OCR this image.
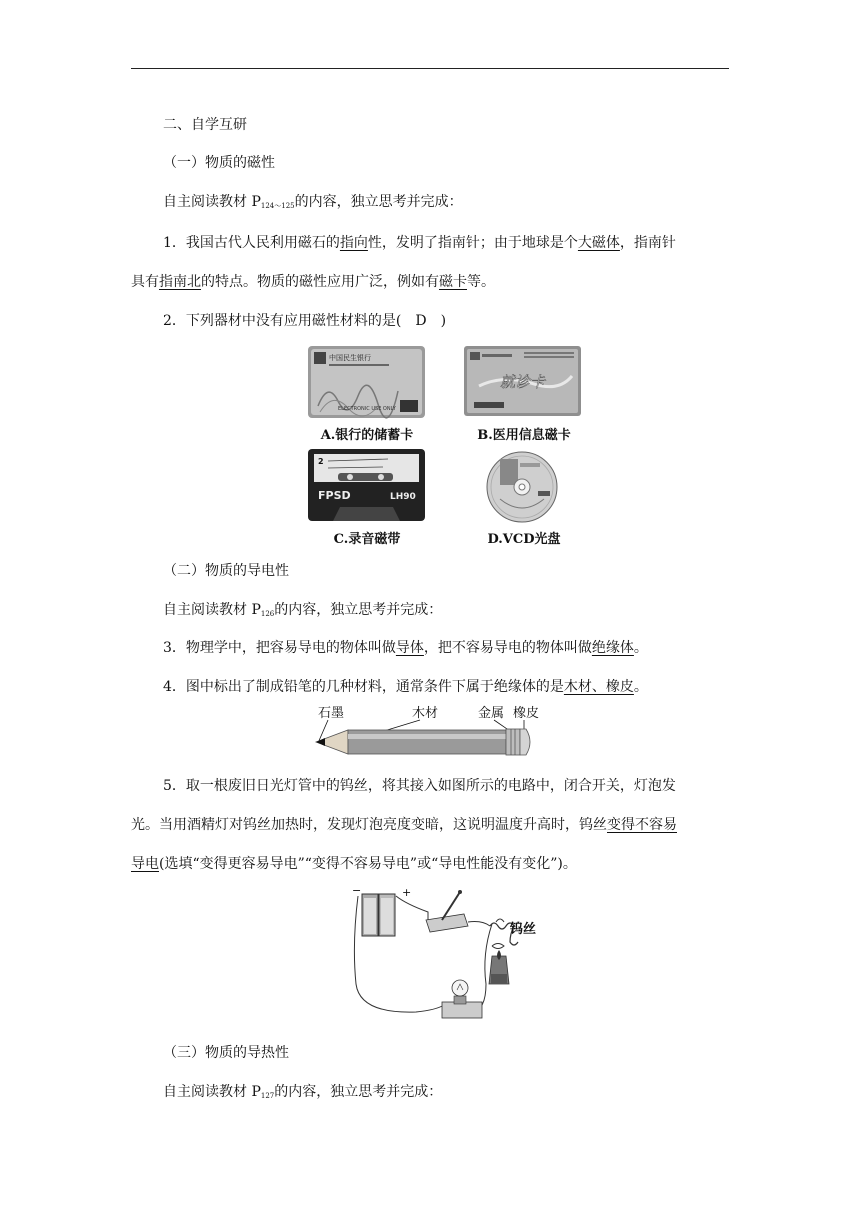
二、自学互研
（一）物质的磁性
自主阅读教材 $P_{124\sim 125}$的内容，独立思考并完成：
1．我国古代人民利用磁石的指向性，发明了指南针；由于地球是个大磁体，指南针
具有指南北的特点。物质的磁性应用广泛，例如有磁卡等。
2．下列器材中没有应用磁性材料的是(　D　)
中国民生银行
ELECTRONIC USE ONLY
A.银行的储蓄卡
就诊卡
B.医用信息磁卡
2
FPSD	LH90
C.录音磁带	D.VCD光盘
（二）物质的导电性
自主阅读教材 $P_{126}$的内容，独立思考并完成：
3．物理学中，把容易导电的物体叫做导体，把不容易导电的物体叫做绝缘体。
4．图中标出了制成铅笔的几种材料，通常条件下属于绝缘体的是木材、橡皮。
石墨	木材	金属 橡皮
5．取一根废旧日光灯管中的钨丝，将其接入如图所示的电路中，闭合开关，灯泡发
光。当用酒精灯对钨丝加热时，发现灯泡亮度变暗，这说明温度升高时，钨丝变得不容易
导电(选填“变得更容易导电”“变得不容易导电”或“导电性能没有变化”)。
−	+
钨丝
（三）物质的导热性
自主阅读教材 $P_{127}$的内容，独立思考并完成：
